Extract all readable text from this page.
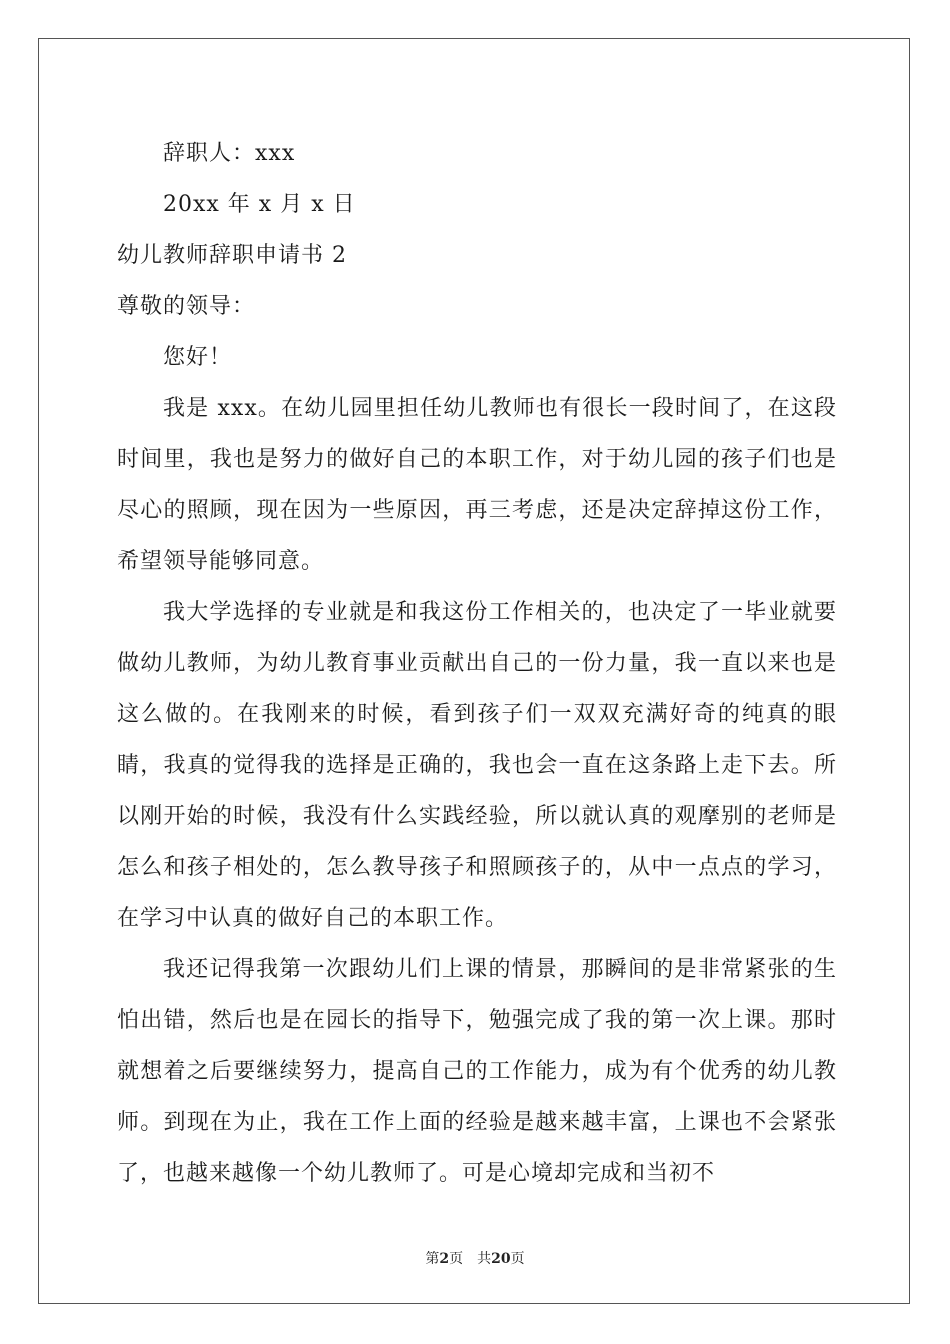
辞职人：xxx

20xx 年 x 月 x 日

幼儿教师辞职申请书 2

尊敬的领导：

您好！

我是 xxx。在幼儿园里担任幼儿教师也有很长一段时间了，在这段时间里，我也是努力的做好自己的本职工作，对于幼儿园的孩子们也是尽心的照顾，现在因为一些原因，再三考虑，还是决定辞掉这份工作，希望领导能够同意。

我大学选择的专业就是和我这份工作相关的，也决定了一毕业就要做幼儿教师，为幼儿教育事业贡献出自己的一份力量，我一直以来也是这么做的。在我刚来的时候，看到孩子们一双双充满好奇的纯真的眼睛，我真的觉得我的选择是正确的，我也会一直在这条路上走下去。所以刚开始的时候，我没有什么实践经验，所以就认真的观摩别的老师是怎么和孩子相处的，怎么教导孩子和照顾孩子的，从中一点点的学习，在学习中认真的做好自己的本职工作。

我还记得我第一次跟幼儿们上课的情景，那瞬间的是非常紧张的生怕出错，然后也是在园长的指导下，勉强完成了我的第一次上课。那时就想着之后要继续努力，提高自己的工作能力，成为有个优秀的幼儿教师。到现在为止，我在工作上面的经验是越来越丰富，上课也不会紧张了，也越来越像一个幼儿教师了。可是心境却完成和当初不

第2页 共20页
